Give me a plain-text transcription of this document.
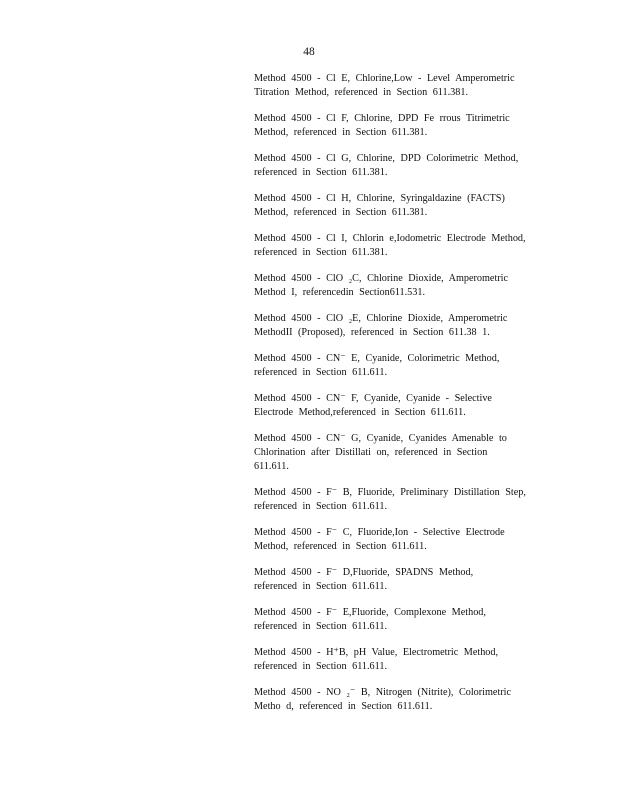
48

Method 4500 - Cl E, Chlorine,Low - Level Amperometric
Titration Method, referenced in Section 611.381.

Method 4500 - Cl F, Chlorine, DPD Fe rrous Titrimetric
Method, referenced in Section 611.381.

Method 4500 - Cl G, Chlorine, DPD Colorimetric Method,
referenced in Section 611.381.

Method 4500 - Cl H, Chlorine, Syringaldazine (FACTS)
Method, referenced in Section 611.381.

Method 4500 - Cl I, Chlorin e,Iodometric Electrode Method,
referenced in Section 611.381.

Method 4500 - ClO ₂C, Chlorine Dioxide, Amperometric
Method I, referencedin Section611.531.

Method 4500 - ClO ₂E, Chlorine Dioxide, Amperometric
MethodII (Proposed), referenced in Section 611.38 1.

Method 4500 - CN⁻ E, Cyanide, Colorimetric Method,
referenced in Section 611.611.

Method 4500 - CN⁻ F, Cyanide, Cyanide - Selective
Electrode Method,referenced in Section 611.611.

Method 4500 - CN⁻ G, Cyanide, Cyanides Amenable to
Chlorination after Distillati on, referenced in Section
611.611.

Method 4500 - F⁻ B, Fluoride, Preliminary Distillation Step,
referenced in Section 611.611.

Method 4500 - F⁻ C, Fluoride,Ion - Selective Electrode
Method, referenced in Section 611.611.

Method 4500 - F⁻ D,Fluoride, SPADNS Method,
referenced in Section 611.611.

Method 4500 - F⁻ E,Fluoride, Complexone Method,
referenced in Section 611.611.

Method 4500 - H⁺B, pH Value, Electrometric Method,
referenced in Section 611.611.

Method 4500 - NO ₂⁻ B, Nitrogen (Nitrite), Colorimetric
Metho d, referenced in Section 611.611.
